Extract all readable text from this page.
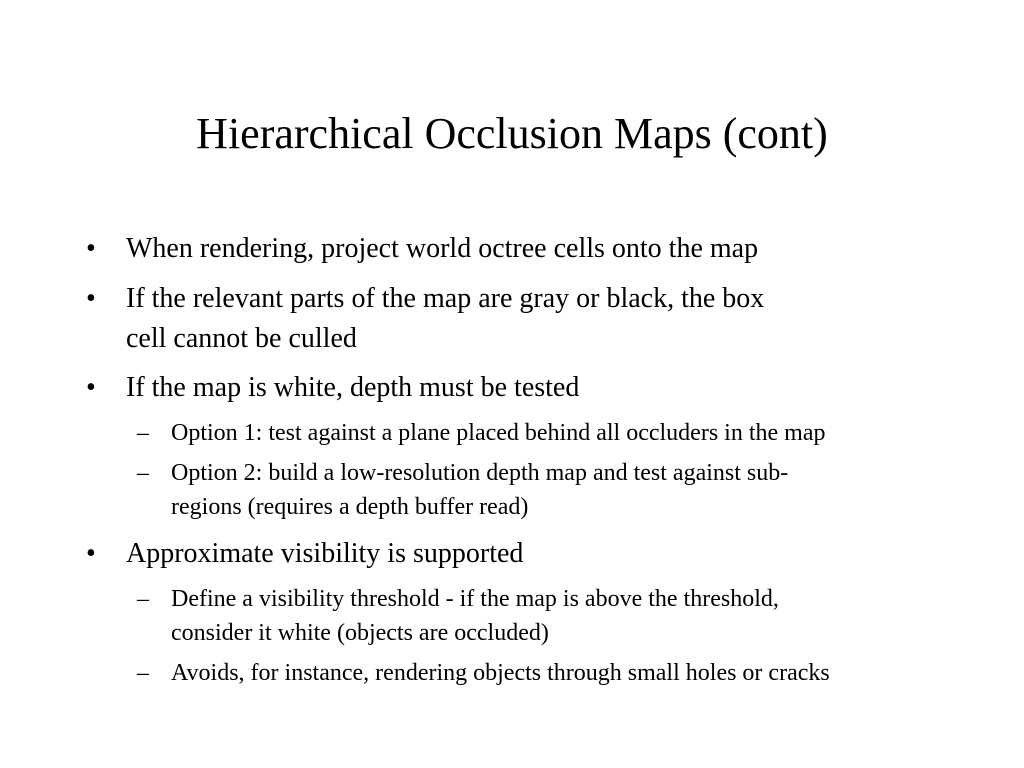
Hierarchical Occlusion Maps (cont)
• When rendering, project world octree cells onto the map
• If the relevant parts of the map are gray or black, the box
cell cannot be culled
• If the map is white, depth must be tested
– Option 1: test against a plane placed behind all occluders in the map
– Option 2: build a low-resolution depth map and test against sub-
regions (requires a depth buffer read)
• Approximate visibility is supported
– Define a visibility threshold - if the map is above the threshold,
consider it white (objects are occluded)
– Avoids, for instance, rendering objects through small holes or cracks
